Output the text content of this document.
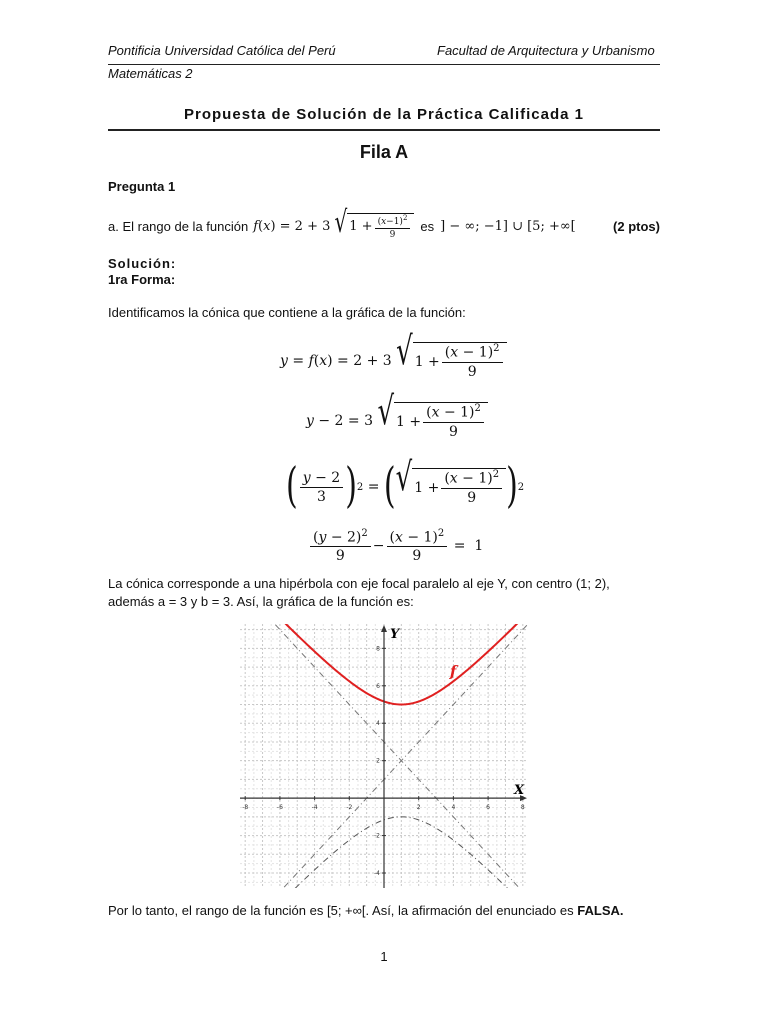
Pontificia Universidad Católica del Perú	Facultad de Arquitectura y Urbanismo
Matemáticas 2
Propuesta de Solución de la Práctica Calificada 1
Fila A
Pregunta 1
a. El rango de la función f(x) = 2 + 3 √ $1 + \frac{(x-1)^2}{9}$ es ] − ∞; −1] ∪ [5; +∞[	(2 ptos)
Solución:
1ra Forma:
Identificamos la cónica que contiene a la gráfica de la función:
y = f ( x ) = 2 + 3 √ $1 + \frac{(x - 1)^2}{9}$
y − 2 = 3 √ $1 + \frac{(x - 1)^2}{9}$
( $\frac{y - 2}{3}$ ) 2 = ( √ $1 + \frac{(x - 1)^2}{9}$ ) 2
$\frac{(y - 2)^2}{9} - \frac{(x - 1)^2}{9} = 1$
La cónica corresponde a una hipérbola con eje focal paralelo al eje Y, con centro (1; 2),
además a = 3 y b = 3. Así, la gráfica de la función es:
-8	-6	-4	-2	2	4	6	8
-4
-2
2
4
6
8
X
Y
f
Por lo tanto, el rango de la función es [5; +∞[. Así, la afirmación del enunciado es FALSA.
1
